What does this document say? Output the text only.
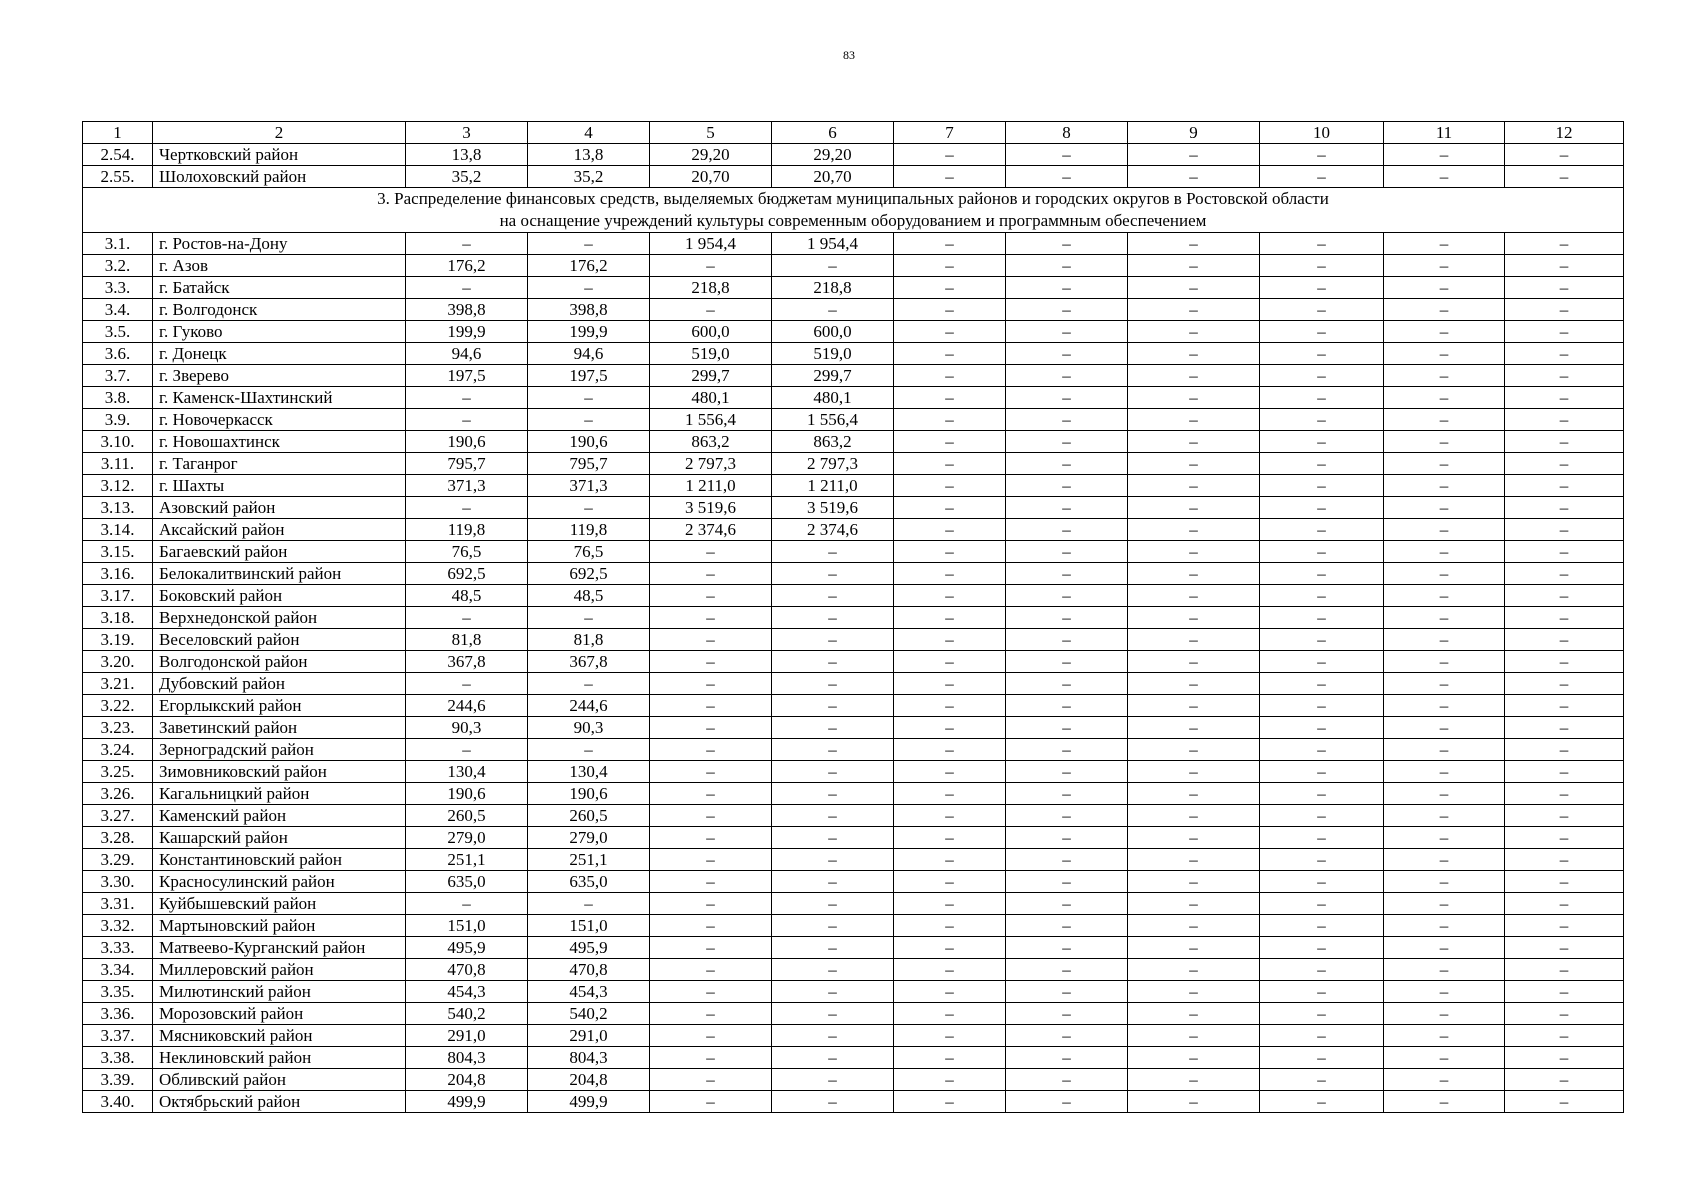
83
1	2	3	4	5	6	7	8	9	10	11	12
2.54.	Чертковский район	13,8	13,8	29,20	29,20	–	–	–	–	–	–
2.55.	Шолоховский район	35,2	35,2	20,70	20,70	–	–	–	–	–	–

3. Распределение финансовых средств, выделяемых бюджетам муниципальных районов и городских округов в Ростовской области
на оснащение учреждений культуры современным оборудованием и программным обеспечением											

3.1.	г. Ростов-на-Дону	–	–	1 954,4	1 954,4	–	–	–	–	–	–
3.2.	г. Азов	176,2	176,2	–	–	–	–	–	–	–	–
3.3.	г. Батайск	–	–	218,8	218,8	–	–	–	–	–	–
3.4.	г. Волгодонск	398,8	398,8	–	–	–	–	–	–	–	–
3.5.	г. Гуково	199,9	199,9	600,0	600,0	–	–	–	–	–	–
3.6.	г. Донецк	94,6	94,6	519,0	519,0	–	–	–	–	–	–
3.7.	г. Зверево	197,5	197,5	299,7	299,7	–	–	–	–	–	–
3.8.	г. Каменск-Шахтинский	–	–	480,1	480,1	–	–	–	–	–	–
3.9.	г. Новочеркасск	–	–	1 556,4	1 556,4	–	–	–	–	–	–
3.10.	г. Новошахтинск	190,6	190,6	863,2	863,2	–	–	–	–	–	–
3.11.	г. Таганрог	795,7	795,7	2 797,3	2 797,3	–	–	–	–	–	–
3.12.	г. Шахты	371,3	371,3	1 211,0	1 211,0	–	–	–	–	–	–
3.13.	Азовский район	–	–	3 519,6	3 519,6	–	–	–	–	–	–
3.14.	Аксайский район	119,8	119,8	2 374,6	2 374,6	–	–	–	–	–	–
3.15.	Багаевский район	76,5	76,5	–	–	–	–	–	–	–	–
3.16.	Белокалитвинский район	692,5	692,5	–	–	–	–	–	–	–	–
3.17.	Боковский район	48,5	48,5	–	–	–	–	–	–	–	–
3.18.	Верхнедонской район	–	–	–	–	–	–	–	–	–	–
3.19.	Веселовский район	81,8	81,8	–	–	–	–	–	–	–	–
3.20.	Волгодонской район	367,8	367,8	–	–	–	–	–	–	–	–
3.21.	Дубовский район	–	–	–	–	–	–	–	–	–	–
3.22.	Егорлыкский район	244,6	244,6	–	–	–	–	–	–	–	–
3.23.	Заветинский район	90,3	90,3	–	–	–	–	–	–	–	–
3.24.	Зерноградский район	–	–	–	–	–	–	–	–	–	–
3.25.	Зимовниковский район	130,4	130,4	–	–	–	–	–	–	–	–
3.26.	Кагальницкий район	190,6	190,6	–	–	–	–	–	–	–	–
3.27.	Каменский район	260,5	260,5	–	–	–	–	–	–	–	–
3.28.	Кашарский район	279,0	279,0	–	–	–	–	–	–	–	–
3.29.	Константиновский район	251,1	251,1	–	–	–	–	–	–	–	–
3.30.	Красносулинский район	635,0	635,0	–	–	–	–	–	–	–	–
3.31.	Куйбышевский район	–	–	–	–	–	–	–	–	–	–
3.32.	Мартыновский район	151,0	151,0	–	–	–	–	–	–	–	–
3.33.	Матвеево-Курганский район	495,9	495,9	–	–	–	–	–	–	–	–
3.34.	Миллеровский район	470,8	470,8	–	–	–	–	–	–	–	–
3.35.	Милютинский район	454,3	454,3	–	–	–	–	–	–	–	–
3.36.	Морозовский район	540,2	540,2	–	–	–	–	–	–	–	–
3.37.	Мясниковский район	291,0	291,0	–	–	–	–	–	–	–	–
3.38.	Неклиновский район	804,3	804,3	–	–	–	–	–	–	–	–
3.39.	Обливский район	204,8	204,8	–	–	–	–	–	–	–	–
3.40.	Октябрьский район	499,9	499,9	–	–	–	–	–	–	–	–
